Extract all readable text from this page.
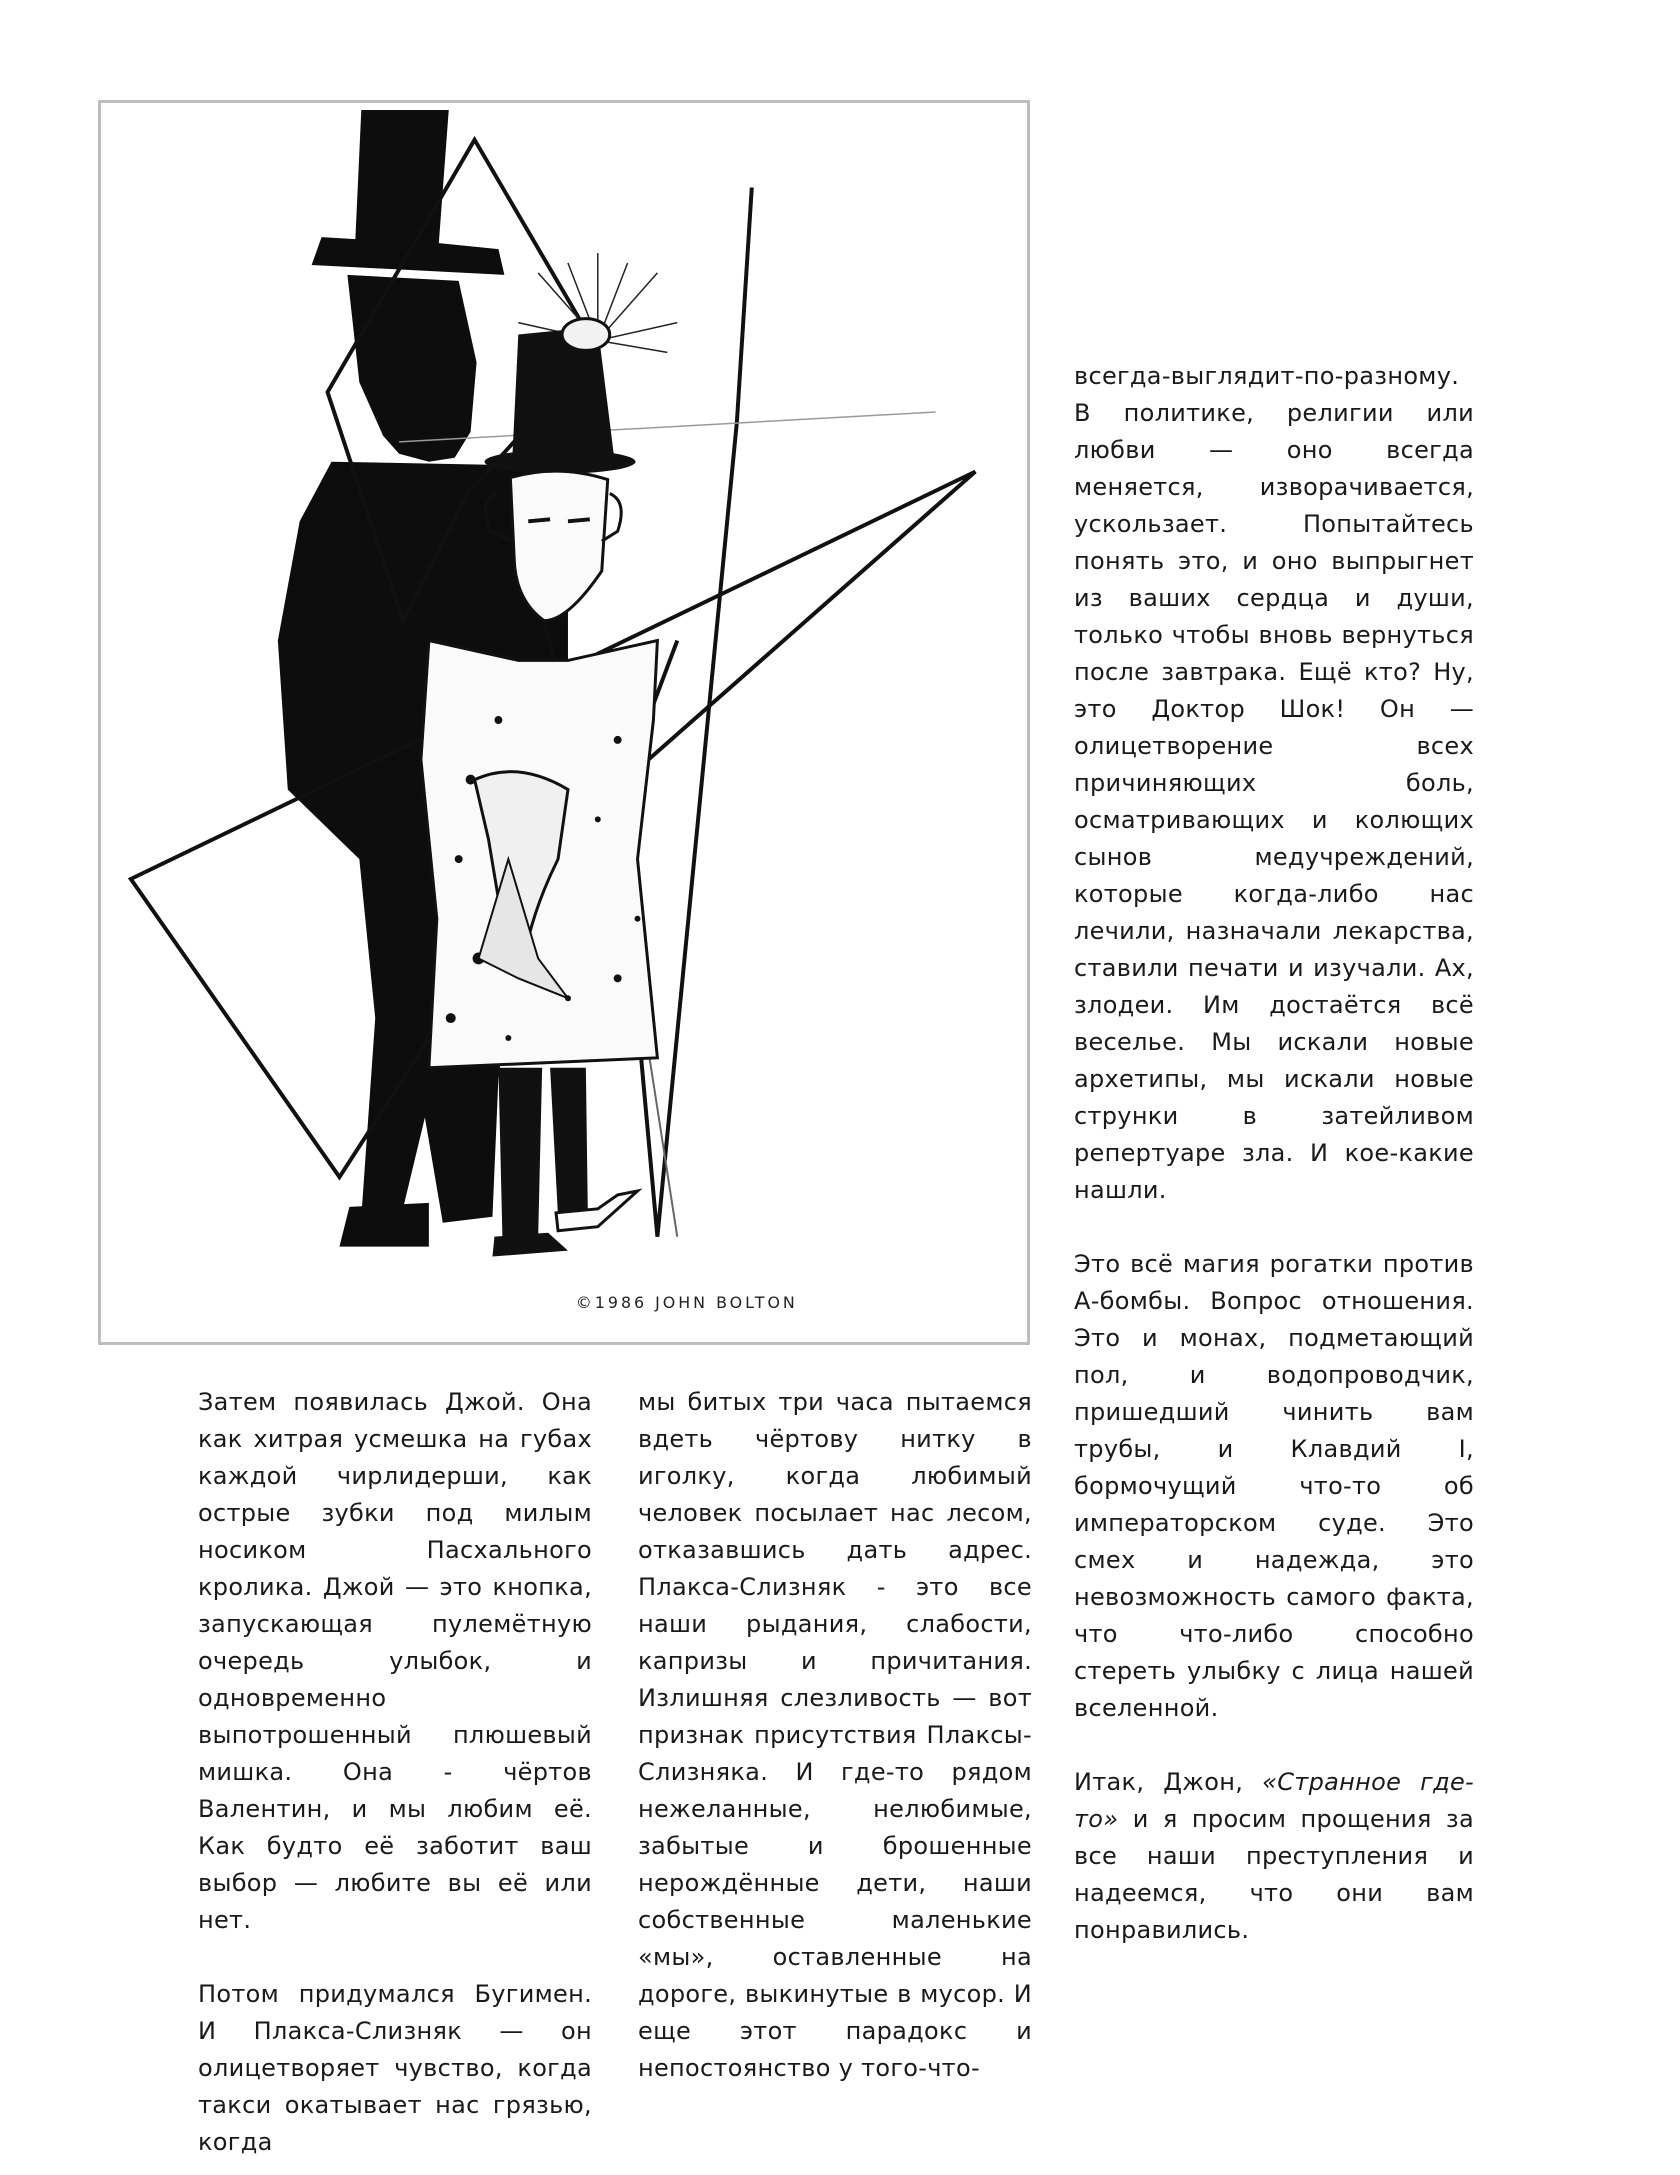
©1986 JOHN BOLTON

Затем появилась Джой. Она как хитрая усмешка на губах каждой чирлидерши, как острые зубки под милым носиком Пасхального кролика. Джой — это кнопка, запускающая пулемётную очередь улыбок, и одновременно выпотрошенный плюшевый мишка. Она - чёртов Валентин, и мы любим её. Как будто её заботит ваш выбор — любите вы её или нет.

Потом придумался Бугимен. И Плакса-Слизняк — он олицетворяет чувство, когда такси окатывает нас грязью, когда

мы битых три часа пытаемся вдеть чёртову нитку в иголку, когда любимый человек посылает нас лесом, отказавшись дать адрес. Плакса-Слизняк - это все наши рыдания, слабости, капризы и причитания. Излишняя слезливость — вот признак присутствия Плаксы-Слизняка. И где-то рядом нежеланные, нелюбимые, забытые и брошенные нерождённые дети, наши собственные маленькие «мы», оставленные на дороге, выкинутые в мусор. И еще этот парадокс и непостоянство у того-что-

всегда-выглядит-по-разному. В политике, религии или любви — оно всегда меняется, изворачивается, ускользает. Попытайтесь понять это, и оно выпрыгнет из ваших сердца и души, только чтобы вновь вернуться после завтрака. Ещё кто? Ну, это Доктор Шок! Он — олицетворение всех причиняющих боль, осматривающих и колющих сынов медучреждений, которые когда-либо нас лечили, назначали лекарства, ставили печати и изучали. Ах, злодеи. Им достаётся всё веселье. Мы искали новые архетипы, мы искали новые струнки в затейливом репертуаре зла. И кое-какие нашли.

Это всё магия рогатки против А-бомбы. Вопрос отношения. Это и монах, подметающий пол, и водопроводчик, пришедший чинить вам трубы, и Клавдий I, бормочущий что-то об императорском суде. Это смех и надежда, это невозможность самого факта, что что-либо способно стереть улыбку с лица нашей вселенной.

Итак, Джон, «Странное где-то» и я просим прощения за все наши преступления и надеемся, что они вам понравились.
